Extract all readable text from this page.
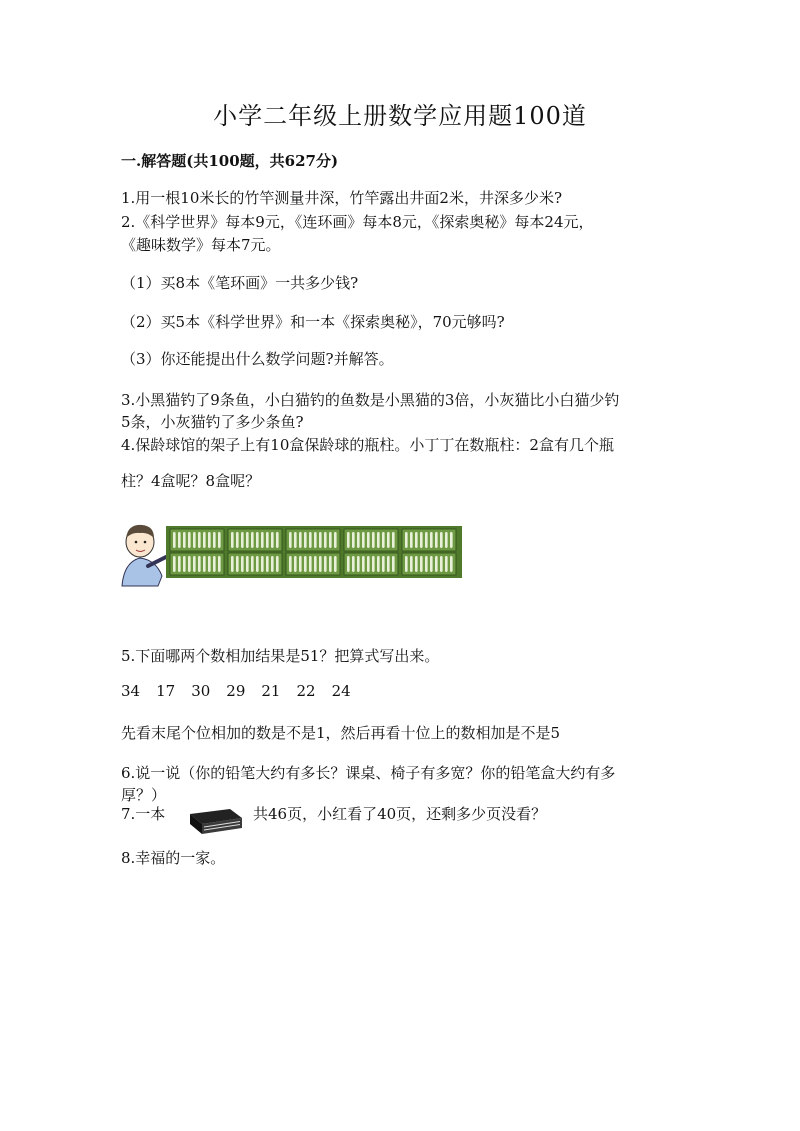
小学二年级上册数学应用题100道
一.解答题(共100题，共627分)
1.用一根10米长的竹竿测量井深，竹竿露出井面2米，井深多少米?
2.《科学世界》每本9元，《连环画》每本8元，《探索奥秘》每本24元，
《趣味数学》每本7元。
（1）买8本《笔环画》一共多少钱?
（2）买5本《科学世界》和一本《探索奥秘》，70元够吗?
（3）你还能提出什么数学问题?并解答。
3.小黑猫钓了9条鱼，小白猫钓的鱼数是小黑猫的3倍，小灰猫比小白猫少钓
5条，小灰猫钓了多少条鱼?
4.保龄球馆的架子上有10盒保龄球的瓶柱。小丁丁在数瓶柱：2盒有几个瓶
柱？4盒呢？8盒呢？
5.下面哪两个数相加结果是51？把算式写出来。
34 17 30 29 21 22 24
先看末尾个位相加的数是不是1，然后再看十位上的数相加是不是5
6.说一说（你的铅笔大约有多长？课桌、椅子有多宽？你的铅笔盒大约有多
厚？）
7.一本	共46页，小红看了40页，还剩多少页没看？
8.幸福的一家。
